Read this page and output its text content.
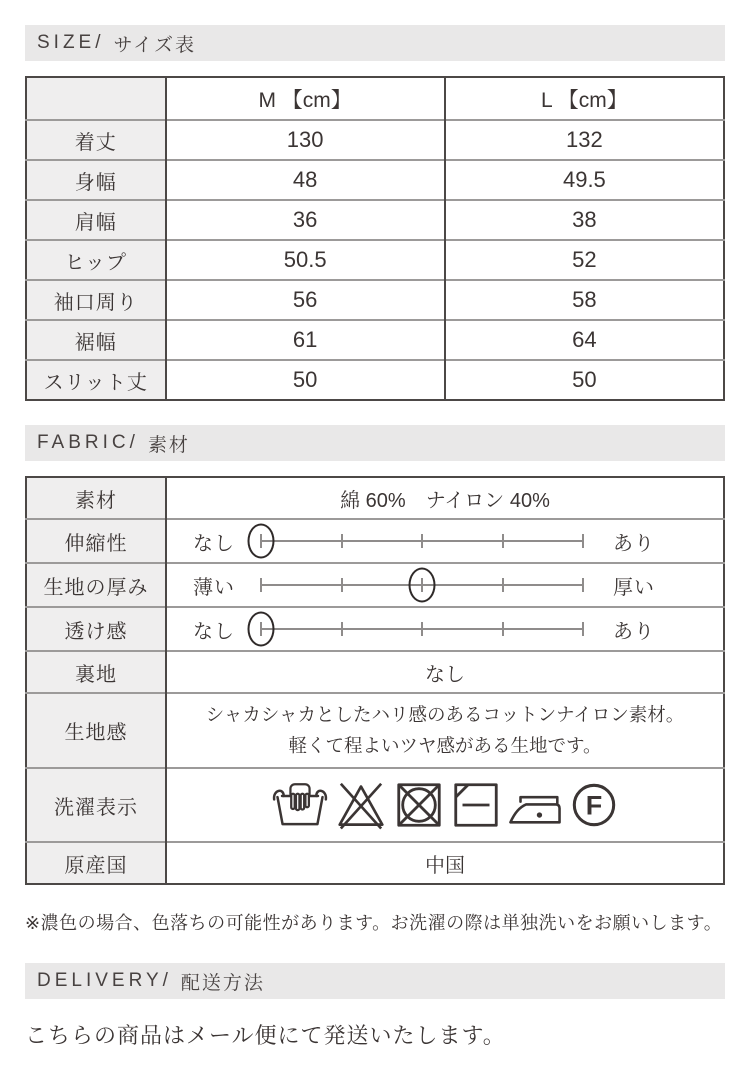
SIZE/ サイズ表
	M 【cm】	L 【cm】
着丈	130	132
身幅	48	49.5
肩幅	36	38
ヒップ	50.5	52
袖口周り	56	58
裾幅	61	64
スリット丈	50	50
FABRIC/ 素材
素材	綿 60%　ナイロン 40%
伸縮性	なし あり

生地の厚み	薄い 厚い

透け感	なし あり

裏地	なし
生地感	シャカシャカとしたハリ感のあるコットンナイロン素材。
軽くて程よいツヤ感がある生地です。

洗濯表示	F

原産国	中国

※濃色の場合、色落ちの可能性があります。お洗濯の際は単独洗いをお願いします。

DELIVERY/ 配送方法

こちらの商品はメール便にて発送いたします。
